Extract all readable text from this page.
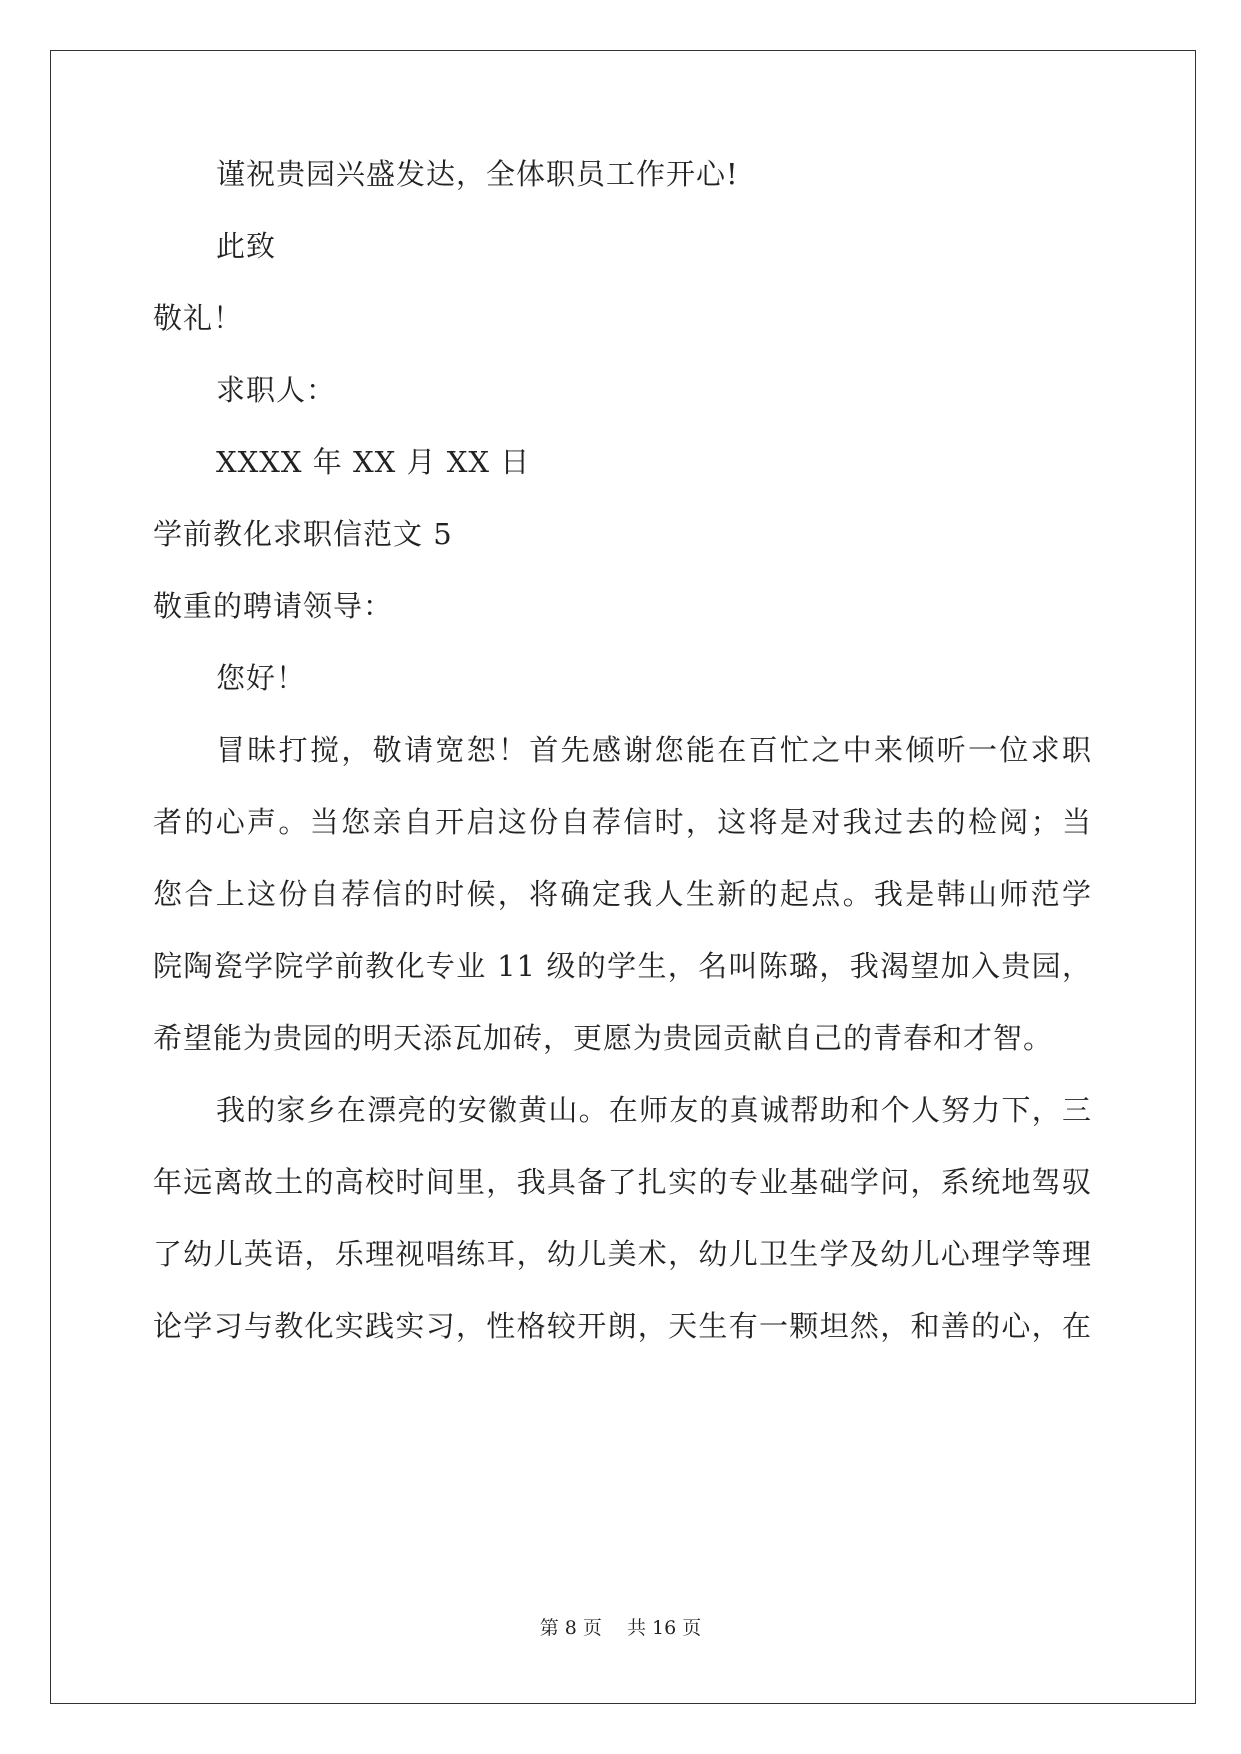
谨祝贵园兴盛发达，全体职员工作开心!
此致
敬礼！
求职人：
XXXX 年 XX 月 XX 日
学前教化求职信范文 5
敬重的聘请领导：
您好！
冒昧打搅，敬请宽恕！首先感谢您能在百忙之中来倾听一位求职
者的心声。当您亲自开启这份自荐信时，这将是对我过去的检阅；当
您合上这份自荐信的时候，将确定我人生新的起点。我是韩山师范学
院陶瓷学院学前教化专业 11 级的学生，名叫陈璐，我渴望加入贵园，
希望能为贵园的明天添瓦加砖，更愿为贵园贡献自己的青春和才智。
我的家乡在漂亮的安徽黄山。在师友的真诚帮助和个人努力下，三
年远离故土的高校时间里，我具备了扎实的专业基础学问，系统地驾驭
了幼儿英语，乐理视唱练耳，幼儿美术，幼儿卫生学及幼儿心理学等理
论学习与教化实践实习，性格较开朗，天生有一颗坦然，和善的心，在
第 8 页　 共 16 页
